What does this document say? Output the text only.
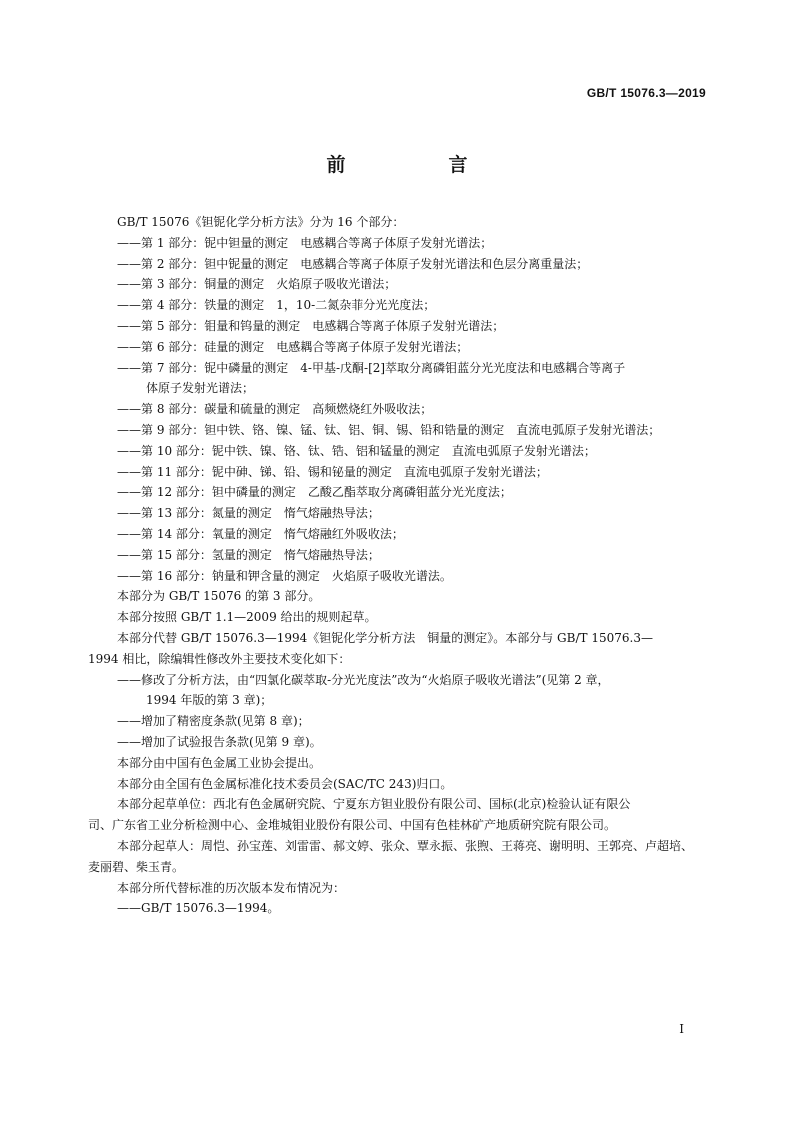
GB/T 15076.3—2019
前　言

GB/T 15076《钽铌化学分析方法》分为 16 个部分：

——第 1 部分：铌中钽量的测定　电感耦合等离子体原子发射光谱法；

——第 2 部分：钽中铌量的测定　电感耦合等离子体原子发射光谱法和色层分离重量法；

——第 3 部分：铜量的测定　火焰原子吸收光谱法；

——第 4 部分：铁量的测定　1，10-二氮杂菲分光光度法；

——第 5 部分：钼量和钨量的测定　电感耦合等离子体原子发射光谱法；

——第 6 部分：硅量的测定　电感耦合等离子体原子发射光谱法；

——第 7 部分：铌中磷量的测定　4-甲基-戊酮-[2]萃取分离磷钼蓝分光光度法和电感耦合等离子

体原子发射光谱法；

——第 8 部分：碳量和硫量的测定　高频燃烧红外吸收法；

——第 9 部分：钽中铁、铬、镍、锰、钛、铝、铜、锡、铅和锆量的测定　直流电弧原子发射光谱法；

——第 10 部分：铌中铁、镍、铬、钛、锆、铝和锰量的测定　直流电弧原子发射光谱法；

——第 11 部分：铌中砷、锑、铅、锡和铋量的测定　直流电弧原子发射光谱法；

——第 12 部分：钽中磷量的测定　乙酸乙酯萃取分离磷钼蓝分光光度法；

——第 13 部分：氮量的测定　惰气熔融热导法；

——第 14 部分：氧量的测定　惰气熔融红外吸收法；

——第 15 部分：氢量的测定　惰气熔融热导法；

——第 16 部分：钠量和钾含量的测定　火焰原子吸收光谱法。

本部分为 GB/T 15076 的第 3 部分。

本部分按照 GB/T 1.1—2009 给出的规则起草。

本部分代替 GB/T 15076.3—1994《钽铌化学分析方法　铜量的测定》。本部分与 GB/T 15076.3—

1994 相比，除编辑性修改外主要技术变化如下：

——修改了分析方法，由“四氯化碳萃取-分光光度法”改为“火焰原子吸收光谱法”(见第 2 章，

1994 年版的第 3 章)；

——增加了精密度条款(见第 8 章)；

——增加了试验报告条款(见第 9 章)。

本部分由中国有色金属工业协会提出。

本部分由全国有色金属标准化技术委员会(SAC/TC 243)归口。

本部分起草单位：西北有色金属研究院、宁夏东方钽业股份有限公司、国标(北京)检验认证有限公

司、广东省工业分析检测中心、金堆城钼业股份有限公司、中国有色桂林矿产地质研究院有限公司。

本部分起草人：周恺、孙宝莲、刘雷雷、郝文婷、张众、覃永振、张煦、王蒋亮、谢明明、王郭亮、卢超培、

麦丽碧、柴玉青。

本部分所代替标准的历次版本发布情况为：

——GB/T 15076.3—1994。

I
